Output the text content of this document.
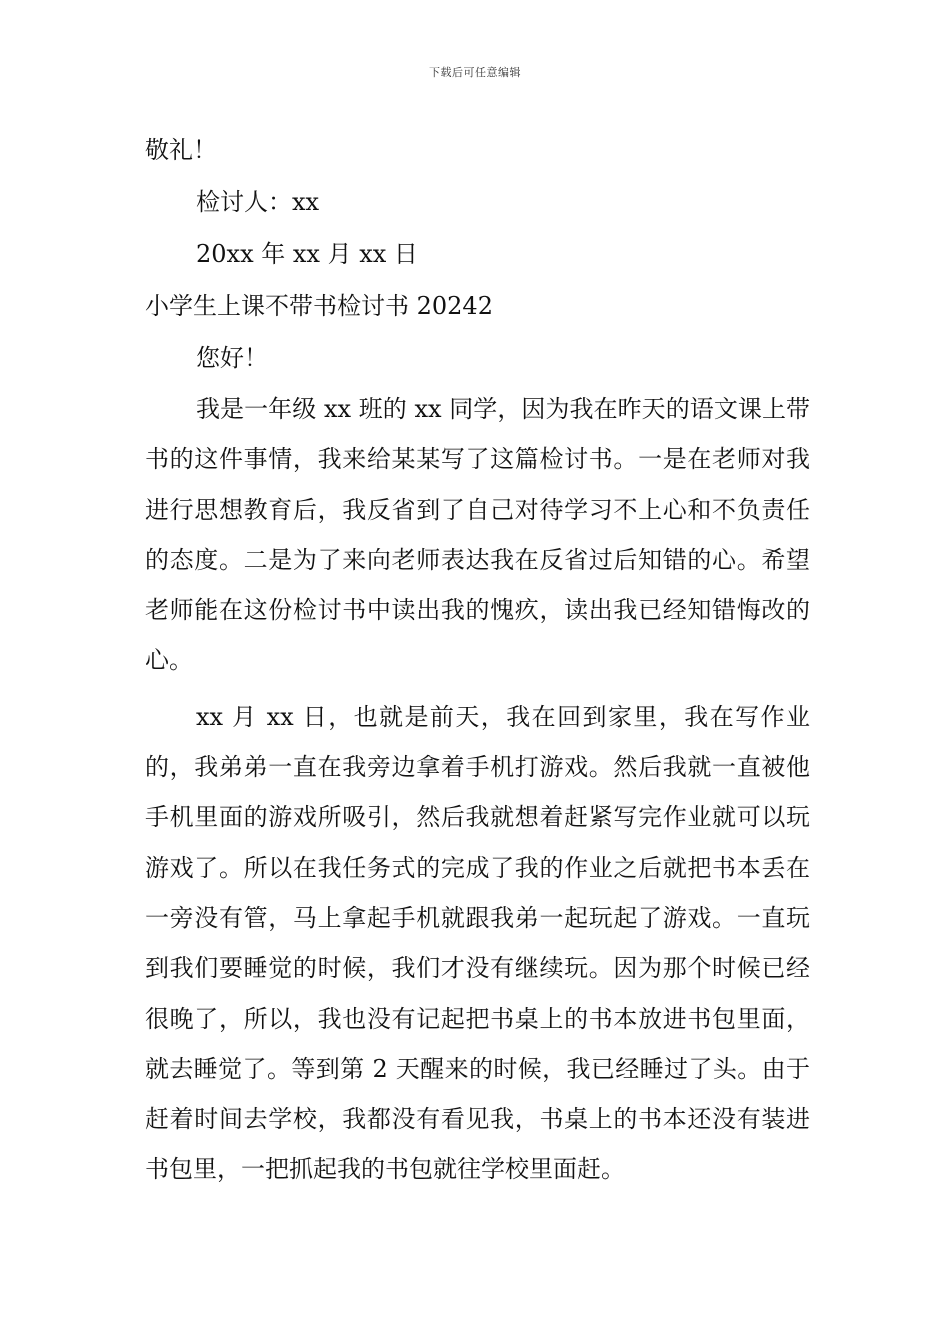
下载后可任意编辑
敬礼！
检讨人：xx
20xx 年 xx 月 xx 日
小学生上课不带书检讨书 20242
您好！
我是一年级 xx 班的 xx 同学，因为我在昨天的语文课上带书的这件事情，我来给某某写了这篇检讨书。一是在老师对我进行思想教育后，我反省到了自己对待学习不上心和不负责任的态度。二是为了来向老师表达我在反省过后知错的心。希望老师能在这份检讨书中读出我的愧疚，读出我已经知错悔改的心。
xx 月 xx 日，也就是前天，我在回到家里，我在写作业的，我弟弟一直在我旁边拿着手机打游戏。然后我就一直被他手机里面的游戏所吸引，然后我就想着赶紧写完作业就可以玩游戏了。所以在我任务式的完成了我的作业之后就把书本丢在一旁没有管，马上拿起手机就跟我弟一起玩起了游戏。一直玩到我们要睡觉的时候，我们才没有继续玩。因为那个时候已经很晚了，所以，我也没有记起把书桌上的书本放进书包里面，就去睡觉了。等到第 2 天醒来的时候，我已经睡过了头。由于赶着时间去学校，我都没有看见我，书桌上的书本还没有装进书包里，一把抓起我的书包就往学校里面赶。
